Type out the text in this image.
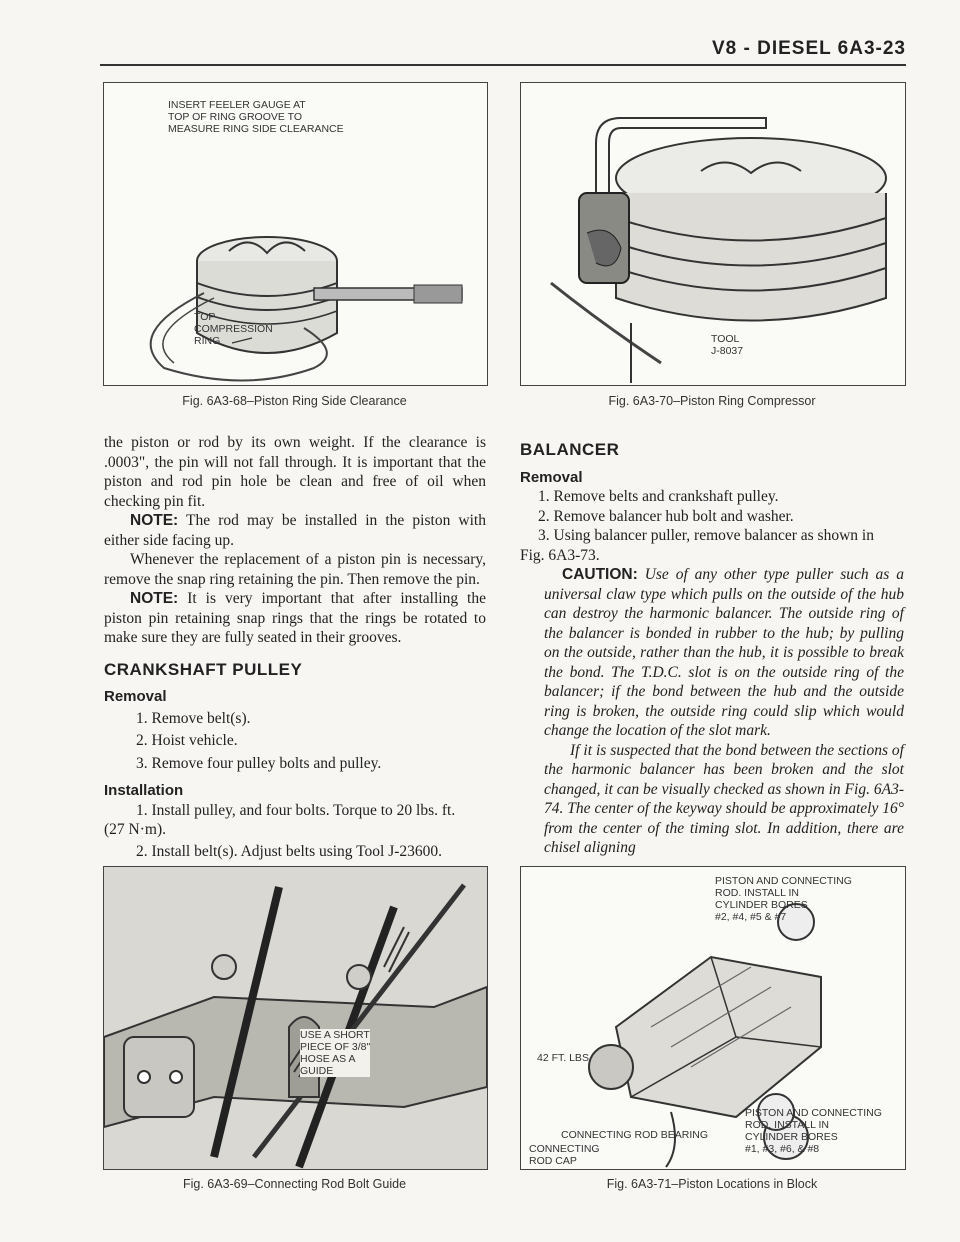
V8 - DIESEL 6A3-23
INSERT FEELER GAUGE AT
TOP OF RING GROOVE TO
MEASURE RING SIDE CLEARANCE
TOP
COMPRESSION
RING
Fig. 6A3-68–Piston Ring Side Clearance
TOOL
J-8037
Fig. 6A3-70–Piston Ring Compressor

the piston or rod by its own weight. If the clearance is .0003", the pin will not fall through. It is important that the piston and rod pin hole be clean and free of oil when checking pin fit.

NOTE: The rod may be installed in the piston with either side facing up.

Whenever the replacement of a piston pin is necessary, remove the snap ring retaining the pin. Then remove the pin.

NOTE: It is very important that after installing the piston pin retaining snap rings that the rings be rotated to make sure they are fully seated in their grooves.

CRANKSHAFT PULLEY

Removal

1. Remove belt(s).

2. Hoist vehicle.

3. Remove four pulley bolts and pulley.

Installation

1. Install pulley, and four bolts. Torque to 20 lbs. ft.

(27 N·m).

2. Install belt(s). Adjust belts using Tool J-23600.

BALANCER

Removal

1. Remove belts and crankshaft pulley.

2. Remove balancer hub bolt and washer.

3. Using balancer puller, remove balancer as shown in

Fig. 6A3-73.

CAUTION: Use of any other type puller such as a universal claw type which pulls on the outside of the hub can destroy the harmonic balancer. The outside ring of the balancer is bonded in rubber to the hub; by pulling on the outside, rather than the hub, it is possible to break the bond. The T.D.C. slot is on the outside ring of the balancer; if the bond between the hub and the outside ring is broken, the outside ring could slip which would change the location of the slot mark.

If it is suspected that the bond between the sections of the harmonic balancer has been broken and the slot changed, it can be visually checked as shown in Fig. 6A3-74. The center of the keyway should be approximately 16° from the center of the timing slot. In addition, there are chisel aligning

USE A SHORT
PIECE OF 3/8"
HOSE AS A
GUIDE
Fig. 6A3-69–Connecting Rod Bolt Guide
PISTON AND CONNECTING
ROD. INSTALL IN
CYLINDER BORES
#2, #4, #5 & #7
42 FT. LBS.
CONNECTING ROD BEARING
CONNECTING
ROD CAP
PISTON AND CONNECTING
ROD. INSTALL IN
CYLINDER BORES
#1, #3, #6, & #8
Fig. 6A3-71–Piston Locations in Block
